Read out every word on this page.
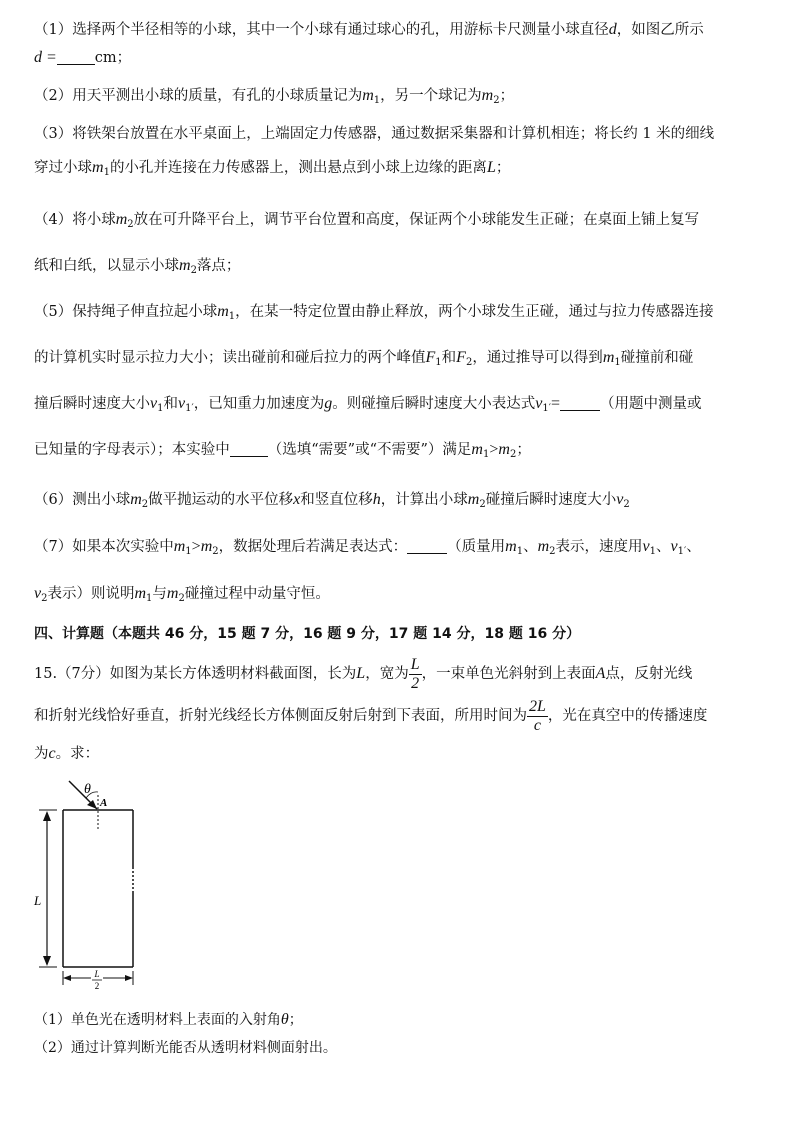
（1）选择两个半径相等的小球，其中一个小球有通过球心的孔，用游标卡尺测量小球直径d，如图乙所示
d =	cm；
（2）用天平测出小球的质量，有孔的小球质量记为$m_1$，另一个球记为$m_2$；
（3）将铁架台放置在水平桌面上，上端固定力传感器，通过数据采集器和计算机相连；将长约 1 米的细线
穿过小球$m_1$的小孔并连接在力传感器上，测出悬点到小球上边缘的距离L；
（4）将小球$m_2$放在可升降平台上，调节平台位置和高度，保证两个小球能发生正碰；在桌面上铺上复写
纸和白纸，以显示小球$m_2$落点；
（5）保持绳子伸直拉起小球$m_1$，在某一特定位置由静止释放，两个小球发生正碰，通过与拉力传感器连接
的计算机实时显示拉力大小；读出碰前和碰后拉力的两个峰值$F_1$和$F_2$，通过推导可以得到$m_1$碰撞前和碰
撞后瞬时速度大小$v_1$和$v_{1'}$，已知重力加速度为g。则碰撞后瞬时速度大小表达式$v_{1'}=$	（用题中测量或
已知量的字母表示）；本实验中	（选填“需要”或“不需要”）满足$m_1>m_2$；
（6）测出小球$m_2$做平抛运动的水平位移x和竖直位移h，计算出小球$m_2$碰撞后瞬时速度大小$v_2$
（7）如果本次实验中$m_1>m_2$，数据处理后若满足表达式：	（质量用$m_1$、$m_2$表示，速度用$v_1$、$v_{1'}$、
$v_2$表示）则说明$m_1$与$m_2$碰撞过程中动量守恒。
四、计算题（本题共 46 分，15 题 7 分，16 题 9 分，17 题 14 分，18 题 16 分）
15.（7分）如图为某长方体透明材料截面图，长为L，宽为 $\frac{L}{2}$ ，一束单色光斜射到上表面A点，反射光线
和折射光线恰好垂直，折射光线经长方体侧面反射后射到下表面，所用时间为 $\frac{2L}{c}$ ，光在真空中的传播速度
为c。求：
θ
A
L
L
2
（1）单色光在透明材料上表面的入射角θ；
（2）通过计算判断光能否从透明材料侧面射出。
